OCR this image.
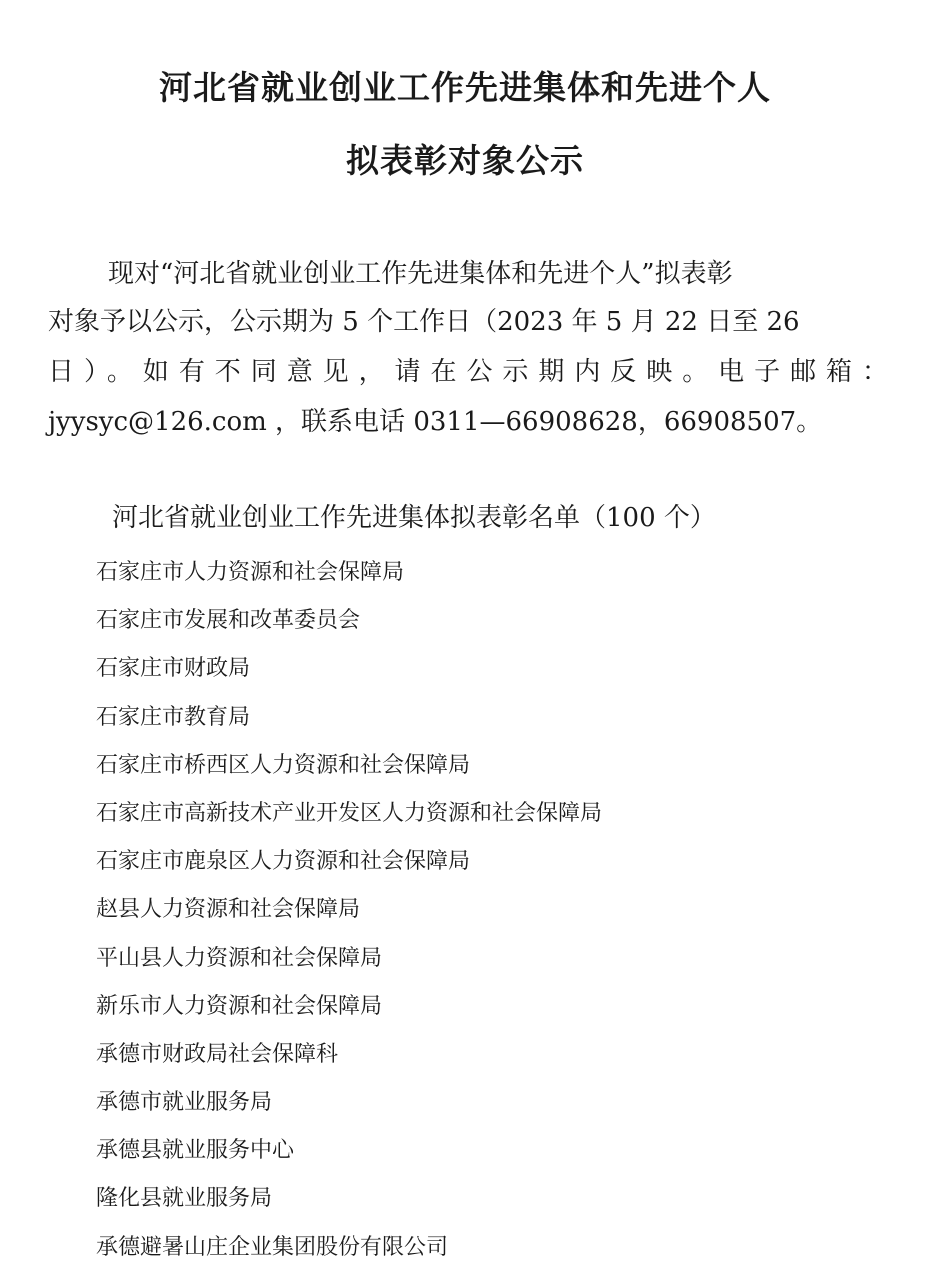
河北省就业创业工作先进集体和先进个人
拟表彰对象公示

现对“河北省就业创业工作先进集体和先进个人”拟表彰

对象予以公示，公示期为 5 个工作日（2023 年 5 月 22 日至 26

日）。如有不同意见，请在公示期内反映。电子邮箱：

jyysyc@126.com ，联系电话 0311—66908628，66908507。

河北省就业创业工作先进集体拟表彰名单（100 个）

石家庄市人力资源和社会保障局
石家庄市发展和改革委员会
石家庄市财政局
石家庄市教育局
石家庄市桥西区人力资源和社会保障局
石家庄市高新技术产业开发区人力资源和社会保障局
石家庄市鹿泉区人力资源和社会保障局
赵县人力资源和社会保障局
平山县人力资源和社会保障局
新乐市人力资源和社会保障局
承德市财政局社会保障科
承德市就业服务局
承德县就业服务中心
隆化县就业服务局
承德避暑山庄企业集团股份有限公司
